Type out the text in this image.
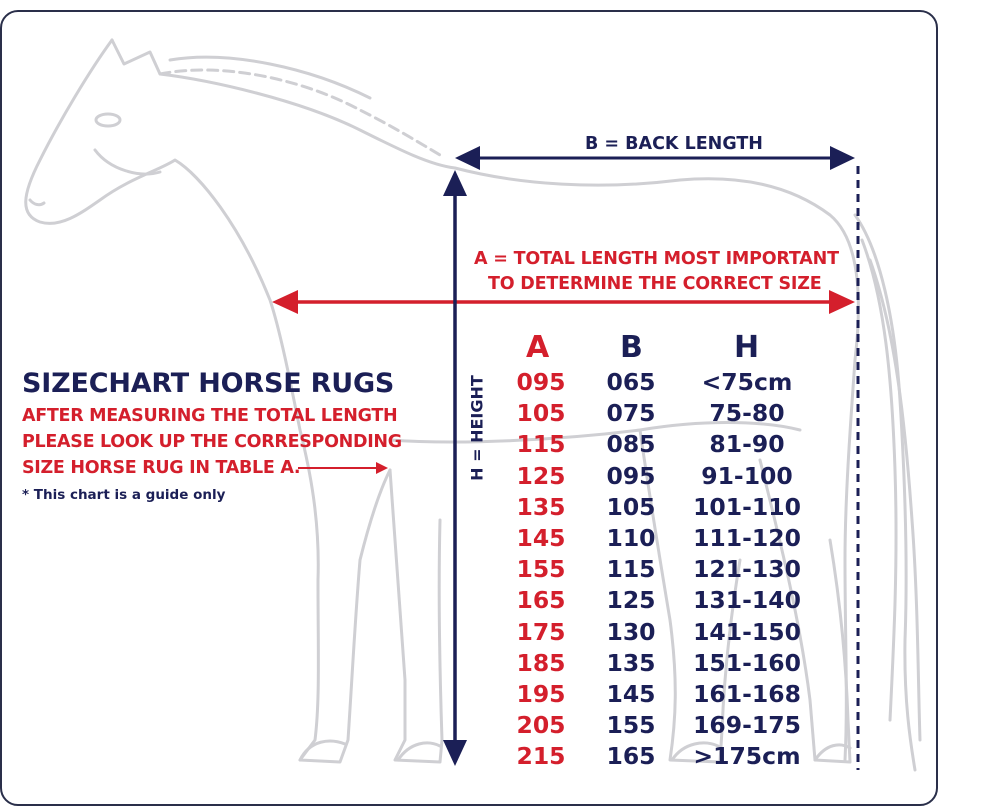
B = BACK LENGTH
A = TOTAL LENGTH MOST IMPORTANT
TO DETERMINE THE CORRECT SIZE
H = HEIGHT
SIZECHART HORSE RUGS
AFTER MEASURING THE TOTAL LENGTH
PLEASE LOOK UP THE CORRESPONDING
SIZE HORSE RUG IN TABLE A.
* This chart is a guide only
A B	H
095 065	<75cm
105 075	75-80
115 085	81-90
125 095	91-100
135 105 101-110
145 110 111-120
155 115 121-130
165 125 131-140
175 130 141-150
185 135 151-160
195 145 161-168
205 155 169-175
215 165 >175cm
